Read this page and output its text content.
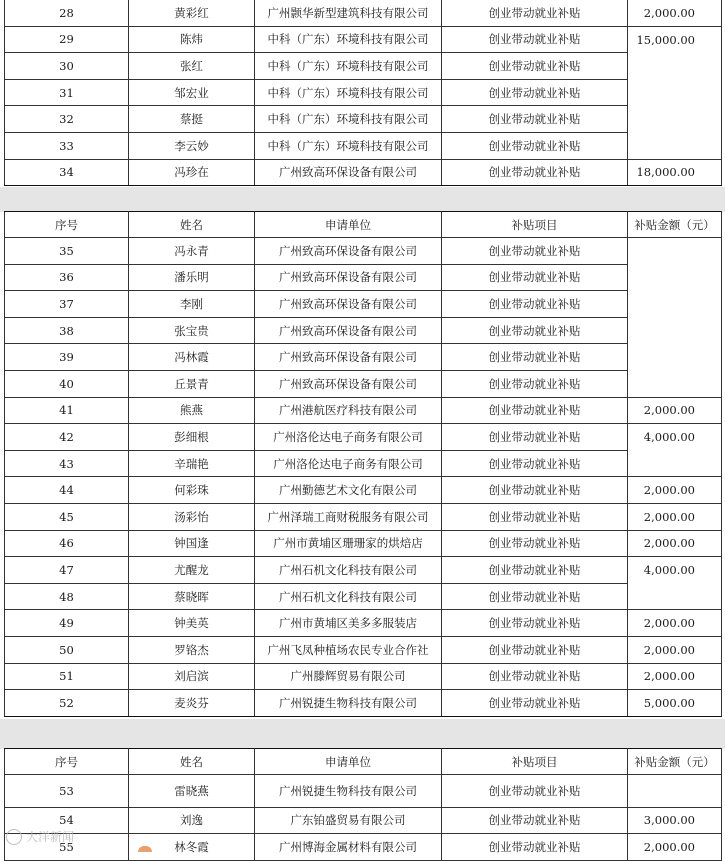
28	黄彩红	广州颢华新型建筑科技有限公司	创业带动就业补贴	2,000.00
29	陈炜	中科（广东）环境科技有限公司	创业带动就业补贴	15,000.00
30	张红	中科（广东）环境科技有限公司	创业带动就业补贴	
31	邹宏业	中科（广东）环境科技有限公司	创业带动就业补贴	
32	蔡挺	中科（广东）环境科技有限公司	创业带动就业补贴	
33	李云妙	中科（广东）环境科技有限公司	创业带动就业补贴	
34	冯珍在	广州致高环保设备有限公司	创业带动就业补贴	18,000.00
序号	姓名	申请单位	补贴项目	补贴金额（元）
35	冯永青	广州致高环保设备有限公司	创业带动就业补贴	
36	潘乐明	广州致高环保设备有限公司	创业带动就业补贴	
37	李刚	广州致高环保设备有限公司	创业带动就业补贴	
38	张宝贵	广州致高环保设备有限公司	创业带动就业补贴	
39	冯林霞	广州致高环保设备有限公司	创业带动就业补贴	
40	丘景青	广州致高环保设备有限公司	创业带动就业补贴	
41	熊燕	广州港航医疗科技有限公司	创业带动就业补贴	2,000.00
42	彭细根	广州洛伦达电子商务有限公司	创业带动就业补贴	4,000.00
43	辛瑞艳	广州洛伦达电子商务有限公司	创业带动就业补贴	
44	何彩珠	广州勤德艺术文化有限公司	创业带动就业补贴	2,000.00
45	汤彩怡	广州泽瑞工商财税服务有限公司	创业带动就业补贴	2,000.00
46	钟国逢	广州市黄埔区珊珊家的烘焙店	创业带动就业补贴	2,000.00
47	尤醒龙	广州石机文化科技有限公司	创业带动就业补贴	4,000.00
48	蔡晓晖	广州石机文化科技有限公司	创业带动就业补贴	
49	钟美英	广州市黄埔区美多多服装店	创业带动就业补贴	2,000.00
50	罗铬杰	广州飞凤种植场农民专业合作社	创业带动就业补贴	2,000.00
51	刘启滨	广州滕辉贸易有限公司	创业带动就业补贴	2,000.00
52	麦炎芬	广州锐捷生物科技有限公司	创业带动就业补贴	5,000.00
序号	姓名	申请单位	补贴项目	补贴金额（元）
53	雷晓燕	广州锐捷生物科技有限公司	创业带动就业补贴	
54	刘逸	广东铂盛贸易有限公司	创业带动就业补贴	3,000.00
55	林冬霞	广州博海金属材料有限公司	创业带动就业补贴	2,000.00
大洋新闻
